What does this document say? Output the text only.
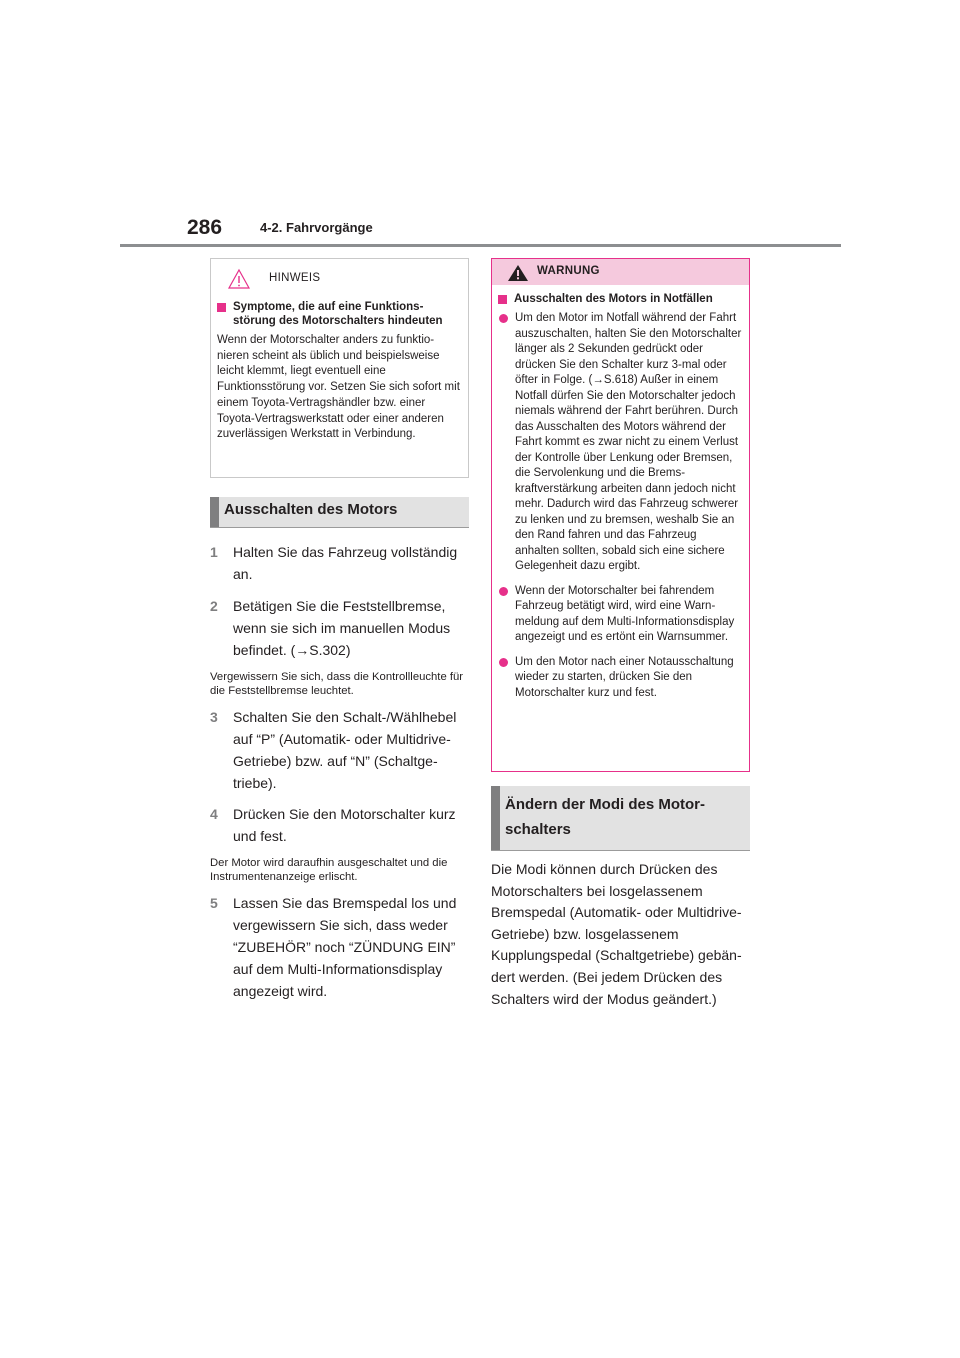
286	4-2. Fahrvorgänge
HINWEIS
Symptome, die auf eine Funktionsstörung des Motorschalters hindeuten
Wenn der Motorschalter anders zu funktionieren scheint als üblich und beispielsweise leicht klemmt, liegt eventuell eine Funktionsstörung vor. Setzen Sie sich sofort mit einem Toyota-Vertragshändler bzw. einer Toyota-Vertragswerkstatt oder einer anderen zuverlässigen Werkstatt in Verbindung.
Ausschalten des Motors
1 Halten Sie das Fahrzeug vollständig an.
2 Betätigen Sie die Feststellbremse, wenn sie sich im manuellen Modus befindet. (→S.302)
Vergewissern Sie sich, dass die Kontrollleuchte für die Feststellbremse leuchtet.
3 Schalten Sie den Schalt-/Wählhebel auf “P” (Automatik- oder Multidrive-Getriebe) bzw. auf “N” (Schaltgetriebe).
4 Drücken Sie den Motorschalter kurz und fest.
Der Motor wird daraufhin ausgeschaltet und die Instrumentenanzeige erlischt.
5 Lassen Sie das Bremspedal los und vergewissern Sie sich, dass weder “ZUBEHÖR” noch “ZÜNDUNG EIN” auf dem Multi-Informationsdisplay angezeigt wird.
WARNUNG
Ausschalten des Motors in Notfällen
Um den Motor im Notfall während der Fahrt auszuschalten, halten Sie den Motorschalter länger als 2 Sekunden gedrückt oder drücken Sie den Schalter kurz 3-mal oder öfter in Folge. (→S.618) Außer in einem Notfall dürfen Sie den Motorschalter jedoch niemals während der Fahrt berühren. Durch das Ausschalten des Motors während der Fahrt kommt es zwar nicht zu einem Verlust der Kontrolle über Lenkung oder Bremsen, die Servolenkung und die Bremskraftverstärkung arbeiten dann jedoch nicht mehr. Dadurch wird das Fahrzeug schwerer zu lenken und zu bremsen, weshalb Sie an den Rand fahren und das Fahrzeug anhalten sollten, sobald sich eine sichere Gelegenheit dazu ergibt.
Wenn der Motorschalter bei fahrendem Fahrzeug betätigt wird, wird eine Warnmeldung auf dem Multi-Informationsdisplay angezeigt und es ertönt ein Warnsummer.
Um den Motor nach einer Notausschaltung wieder zu starten, drücken Sie den Motorschalter kurz und fest.
Ändern der Modi des Motorschalters
Die Modi können durch Drücken des Motorschalters bei losgelassenem Bremspedal (Automatik- oder Multidrive-Getriebe) bzw. losgelassenem Kupplungspedal (Schaltgetriebe) gebändert werden. (Bei jedem Drücken des Schalters wird der Modus geändert.)
